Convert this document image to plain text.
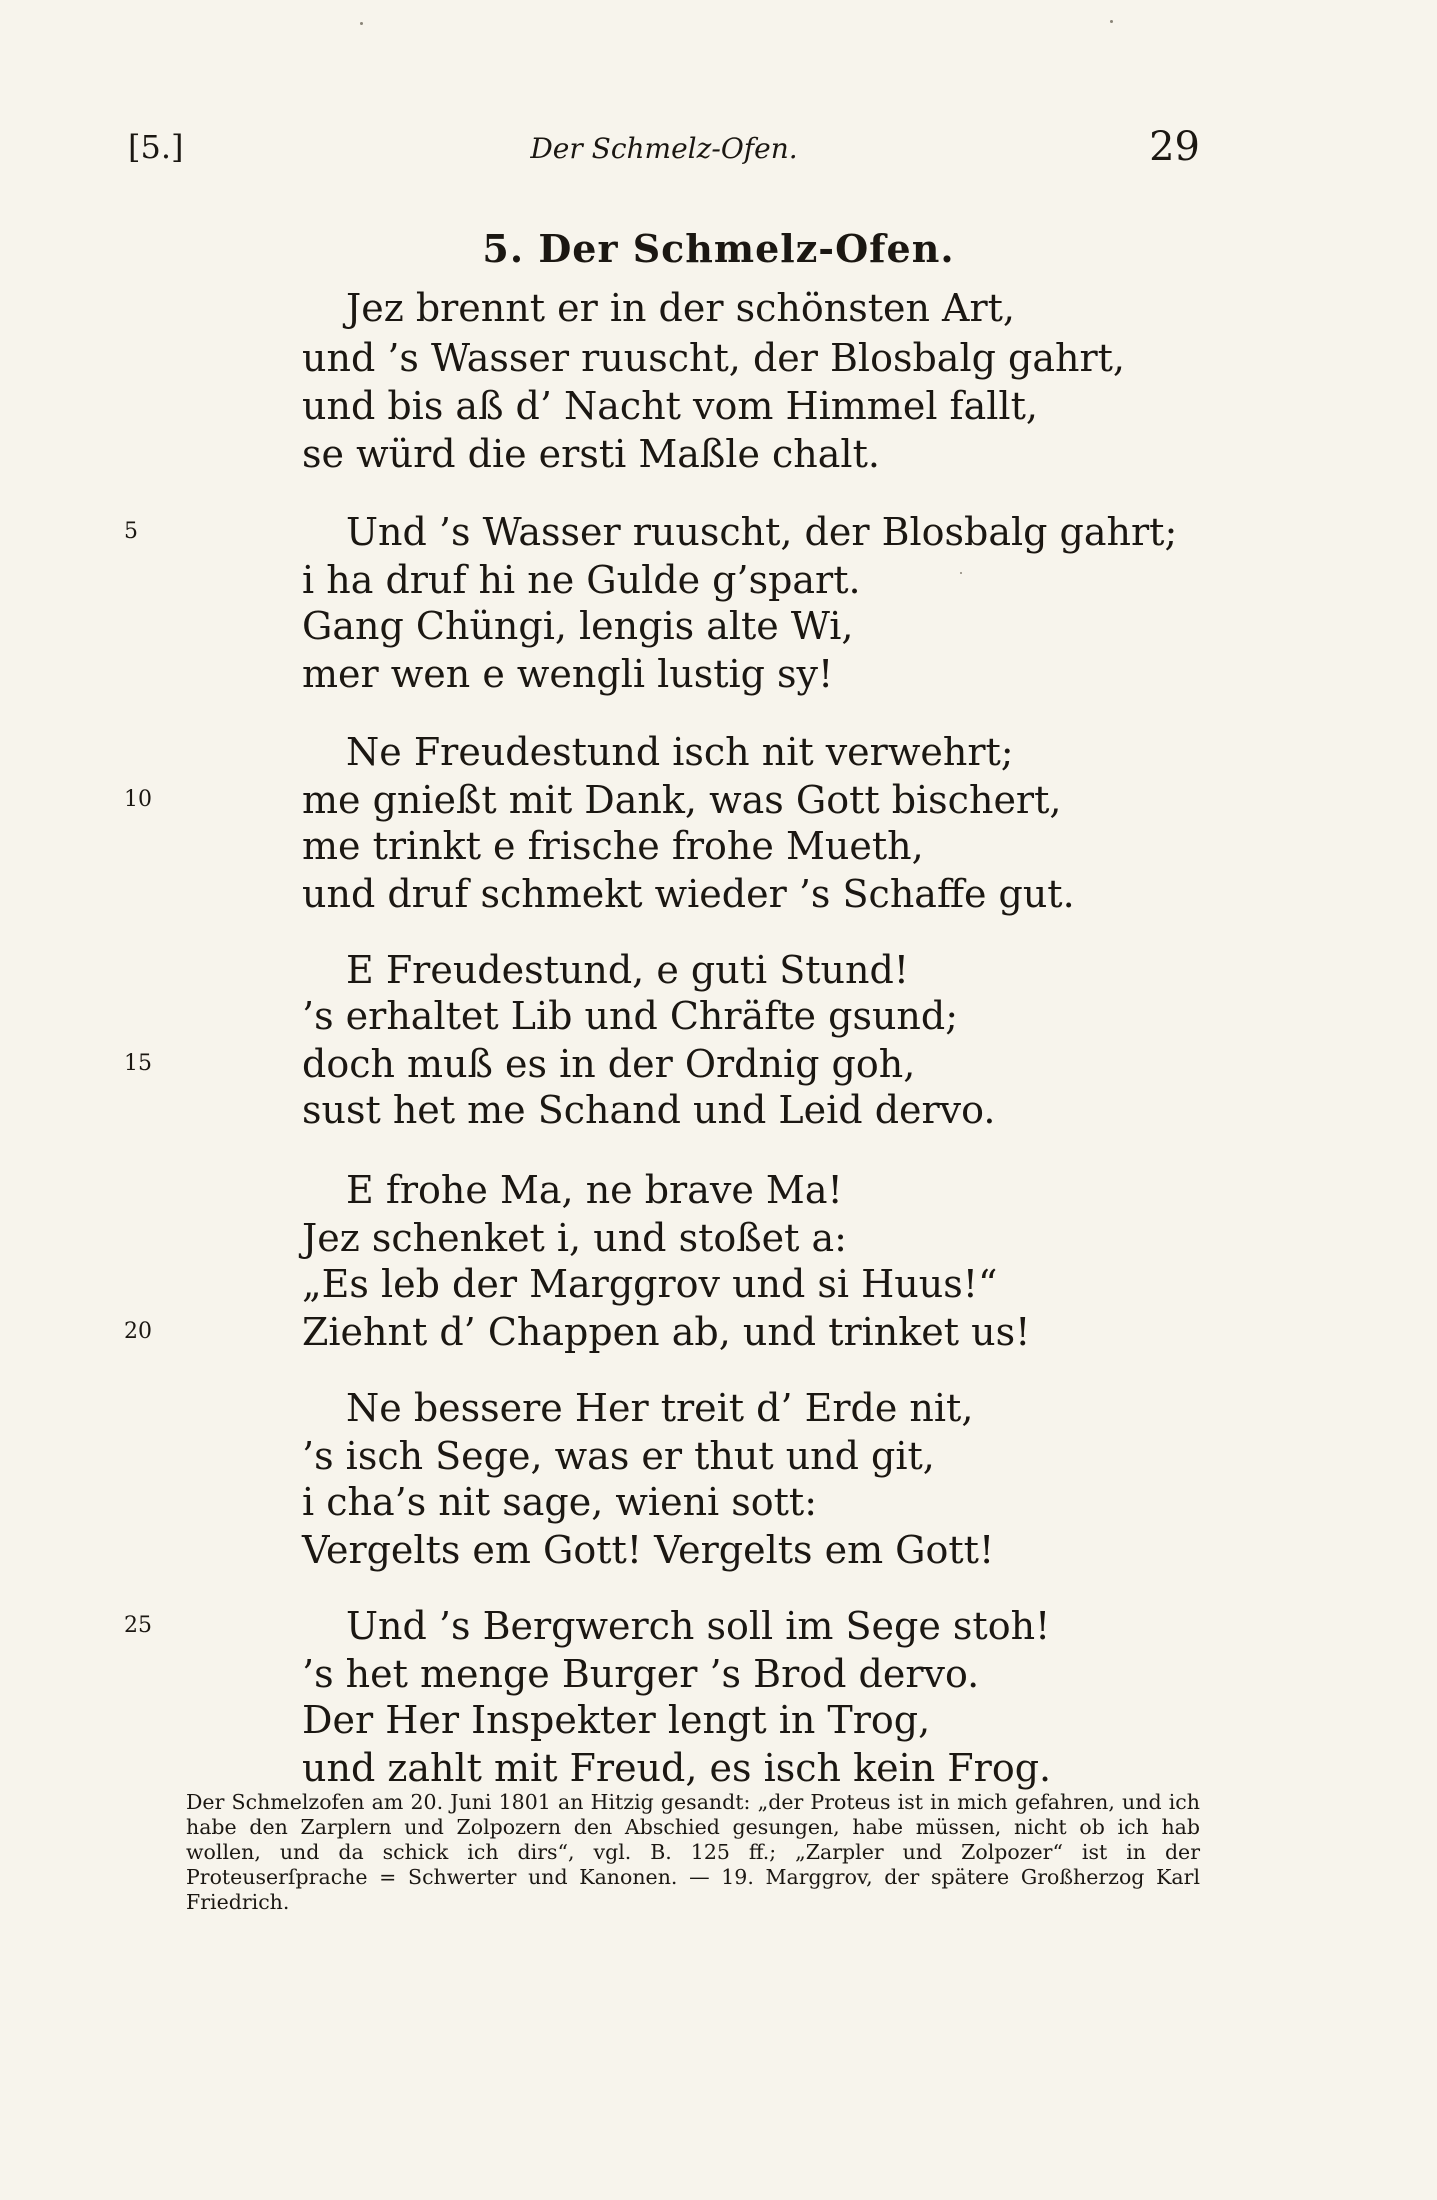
[5.]	Der Schmelz-Ofen.	29
5. Der Schmelz-Ofen.
Jez brennt er in der schönsten Art,
und ’s Wasser ruuscht, der Blosbalg gahrt,
und bis aß d’ Nacht vom Himmel fallt,
se würd die ersti Maßle chalt.
Und ’s Wasser ruuscht, der Blosbalg gahrt;
i ha druf hi ne Gulde g’spart.
Gang Chüngi, lengis alte Wi,
mer wen e wengli lustig sy!
Ne Freudestund isch nit verwehrt;
me gnießt mit Dank, was Gott bischert,
me trinkt e frische frohe Mueth,
und druf schmekt wieder ’s Schaffe gut.
E Freudestund, e guti Stund!
’s erhaltet Lib und Chräfte gsund;
doch muß es in der Ordnig goh,
sust het me Schand und Leid dervo.
E frohe Ma, ne brave Ma!
Jez schenket i, und stoßet a:
„Es leb der Marggrov und si Huus!“
Ziehnt d’ Chappen ab, und trinket us!
Ne bessere Her treit d’ Erde nit,
’s isch Sege, was er thut und git,
i cha’s nit sage, wieni sott:
Vergelts em Gott! Vergelts em Gott!
Und ’s Bergwerch soll im Sege stoh!
’s het menge Burger ’s Brod dervo.
Der Her Inspekter lengt in Trog,
und zahlt mit Freud, es isch kein Frog.
5
10
15
20
25
Der Schmelzofen am 20. Juni 1801 an Hitzig gesandt: „der Proteus ist in mich gefahren, und ich habe den Zarplern und Zolpozern den Abschied gesungen, habe müssen, nicht ob ich hab wollen, und da schick ich dirs“, vgl. B. 125 ff.; „Zarpler und Zolpozer“ ist in der Proteuserſprache = Schwerter und Kanonen. — 19. Marggrov, der spätere Großherzog Karl Friedrich.
